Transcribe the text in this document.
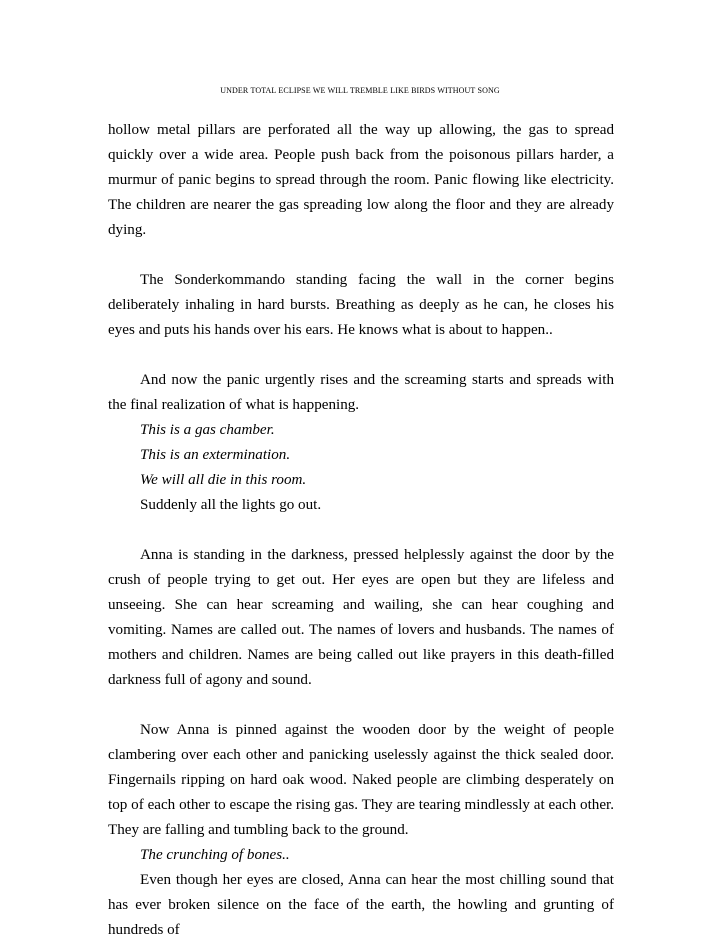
UNDER TOTAL ECLIPSE WE WILL TREMBLE LIKE BIRDS WITHOUT SONG

hollow metal pillars are perforated all the way up allowing, the gas to spread quickly over a wide area. People push back from the poisonous pillars harder, a murmur of panic begins to spread through the room. Panic flowing like electricity. The children are nearer the gas spreading low along the floor and they are already dying.

The Sonderkommando standing facing the wall in the corner begins deliberately inhaling in hard bursts. Breathing as deeply as he can, he closes his eyes and puts his hands over his ears. He knows what is about to happen..

And now the panic urgently rises and the screaming starts and spreads with the final realization of what is happening.

This is a gas chamber.

This is an extermination.

We will all die in this room.

Suddenly all the lights go out.

Anna is standing in the darkness, pressed helplessly against the door by the crush of people trying to get out. Her eyes are open but they are lifeless and unseeing. She can hear screaming and wailing, she can hear coughing and vomiting. Names are called out. The names of lovers and husbands. The names of mothers and children. Names are being called out like prayers in this death-filled darkness full of agony and sound.

Now Anna is pinned against the wooden door by the weight of people clambering over each other and panicking uselessly against the thick sealed door. Fingernails ripping on hard oak wood. Naked people are climbing desperately on top of each other to escape the rising gas. They are tearing mindlessly at each other. They are falling and tumbling back to the ground.

The crunching of bones..

Even though her eyes are closed, Anna can hear the most chilling sound that has ever broken silence on the face of the earth, the howling and grunting of hundreds of
